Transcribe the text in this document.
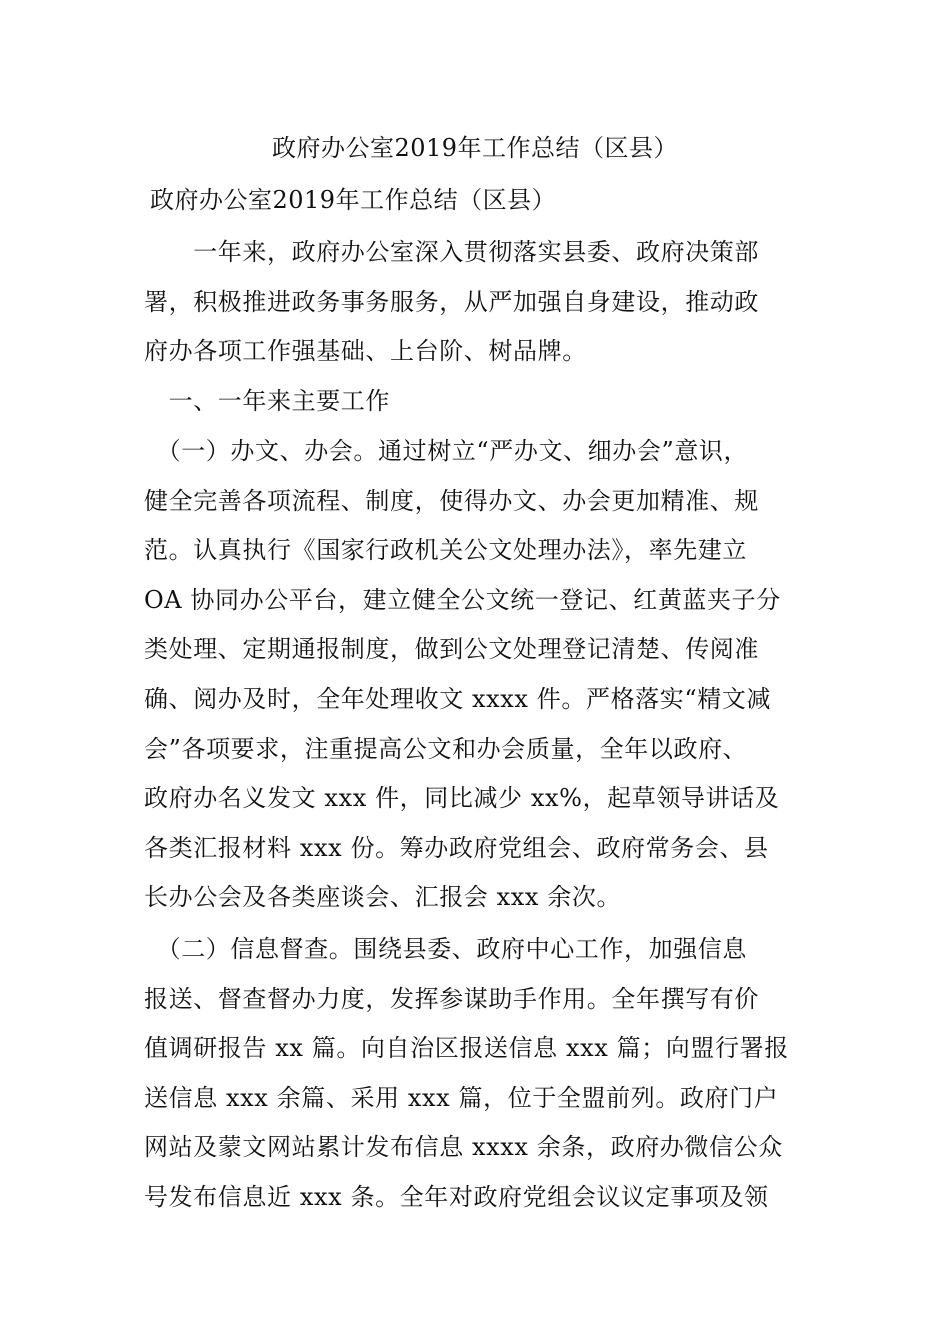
政府办公室2019年工作总结（区县）
政府办公室2019年工作总结（区县）
　　一年来，政府办公室深入贯彻落实县委、政府决策部
署，积极推进政务事务服务，从严加强自身建设，推动政
府办各项工作强基础、上台阶、树品牌。
　一、一年来主要工作
　（一）办文、办会。通过树立“严办文、细办会”意识，
健全完善各项流程、制度，使得办文、办会更加精准、规
范。认真执行《国家行政机关公文处理办法》，率先建立
OA 协同办公平台，建立健全公文统一登记、红黄蓝夹子分
类处理、定期通报制度，做到公文处理登记清楚、传阅准
确、阅办及时，全年处理收文 xxxx 件。严格落实“精文减
会”各项要求，注重提高公文和办会质量，全年以政府、
政府办名义发文 xxx 件，同比减少 xx%，起草领导讲话及
各类汇报材料 xxx 份。筹办政府党组会、政府常务会、县
长办公会及各类座谈会、汇报会 xxx 余次。
　（二）信息督查。围绕县委、政府中心工作，加强信息
报送、督查督办力度，发挥参谋助手作用。全年撰写有价
值调研报告 xx 篇。向自治区报送信息 xxx 篇；向盟行署报
送信息 xxx 余篇、采用 xxx 篇，位于全盟前列。政府门户
网站及蒙文网站累计发布信息 xxxx 余条，政府办微信公众
号发布信息近 xxx 条。全年对政府党组会议议定事项及领
